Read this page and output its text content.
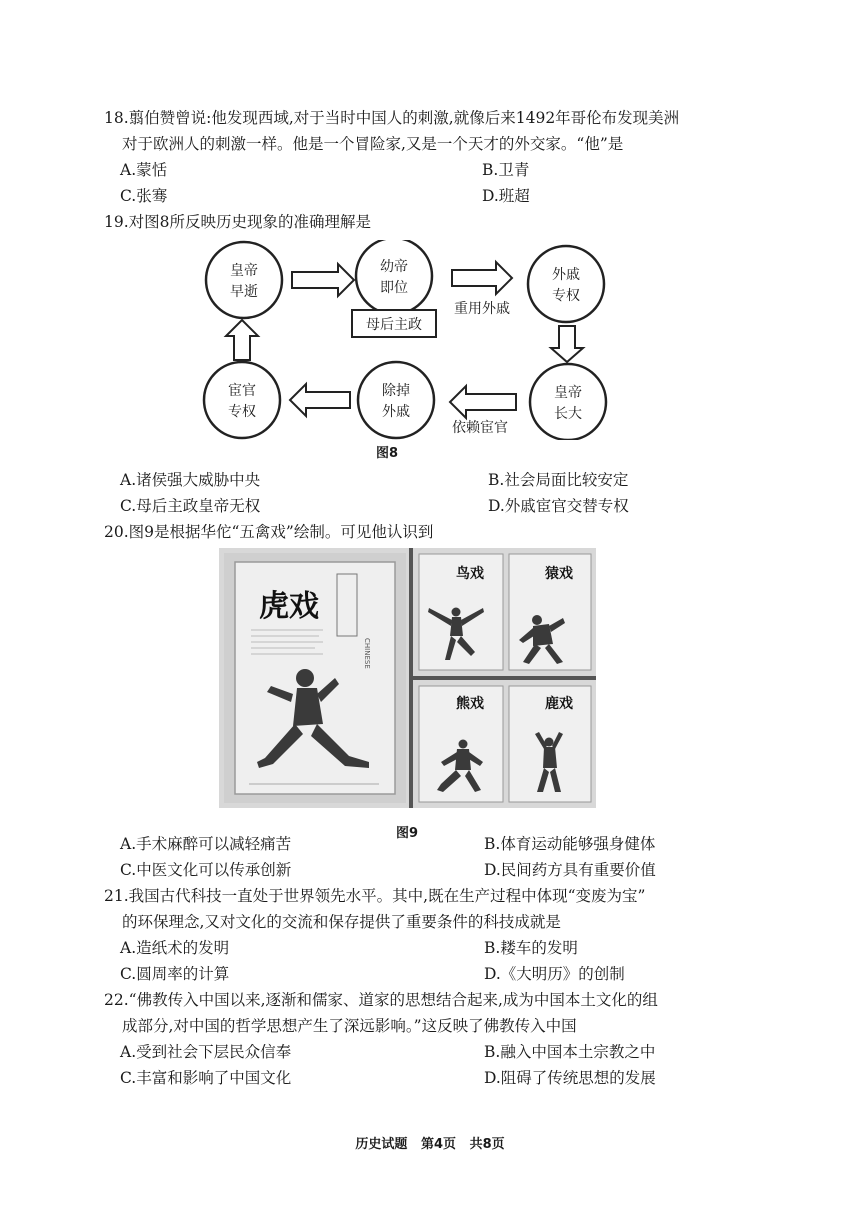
18.翦伯赞曾说:他发现西域,对于当时中国人的刺激,就像后来1492年哥伦布发现美洲
对于欧洲人的刺激一样。他是一个冒险家,又是一个天才的外交家。“他”是
A.蒙恬	B.卫青
C.张骞	D.班超
19.对图8所反映历史现象的准确理解是
皇帝
早逝
幼帝
即位
外戚
专权
皇帝
长大
除掉
外戚
宦官
专权
母后主政
重用外戚
依赖宦官
图8
A.诸侯强大威胁中央	B.社会局面比较安定
C.母后主政皇帝无权	D.外戚宦官交替专权
20.图9是根据华佗“五禽戏”绘制。可见他认识到
虎戏
CHINESE
鸟戏	猿戏
熊戏	鹿戏
图9
A.手术麻醉可以减轻痛苦	B.体育运动能够强身健体
C.中医文化可以传承创新	D.民间药方具有重要价值
21.我国古代科技一直处于世界领先水平。其中,既在生产过程中体现“变废为宝”
的环保理念,又对文化的交流和保存提供了重要条件的科技成就是
A.造纸术的发明	B.耧车的发明
C.圆周率的计算	D.《大明历》的创制
22.“佛教传入中国以来,逐渐和儒家、道家的思想结合起来,成为中国本土文化的组
成部分,对中国的哲学思想产生了深远影响。”这反映了佛教传入中国
A.受到社会下层民众信奉	B.融入中国本土宗教之中
C.丰富和影响了中国文化	D.阻碍了传统思想的发展
历史试题   第4页   共8页
